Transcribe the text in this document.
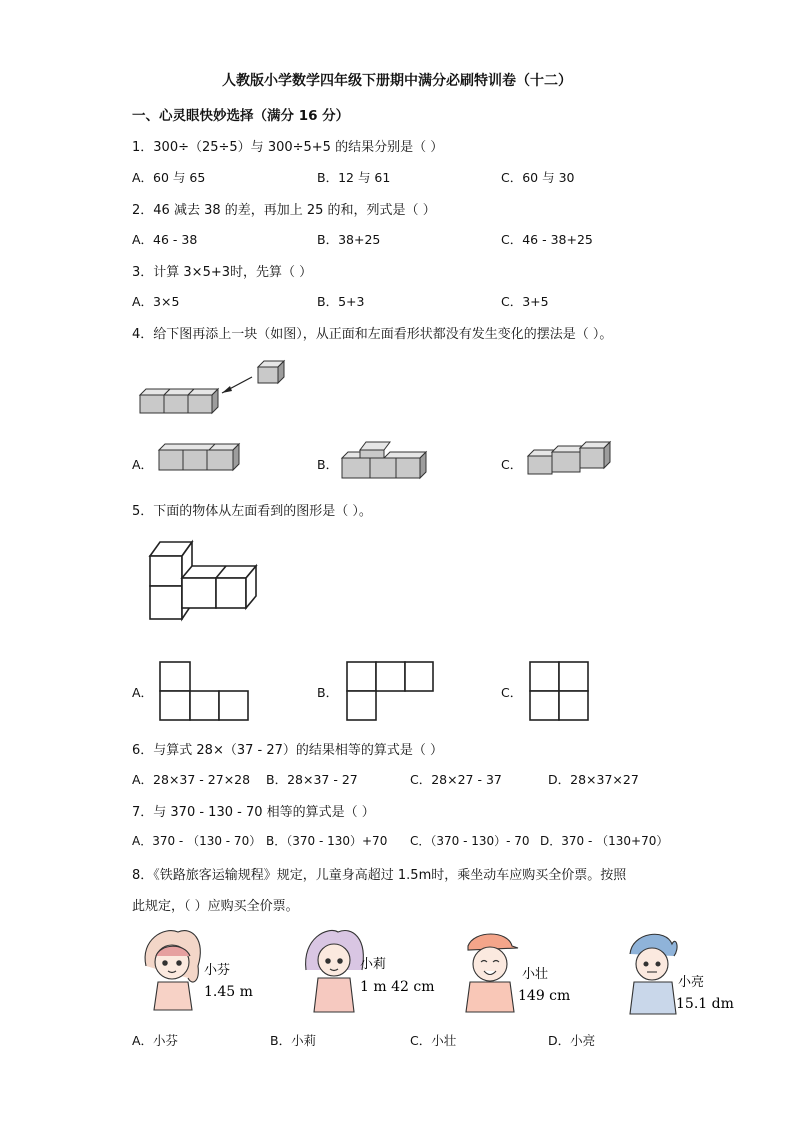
人教版小学数学四年级下册期中满分必刷特训卷（十二）
一、心灵眼快妙选择（满分 16 分）
1．300÷（25÷5）与 300÷5+5 的结果分别是（ ）
A．60 与 65	B．12 与 61	C．60 与 30
2．46 减去 38 的差，再加上 25 的和，列式是（ ）
A．46 - 38	B．38+25	C．46 - 38+25
3．计算 3×5+3时，先算（ ）
A．3×5	B．5+3	C．3+5
4．给下图再添上一块（如图），从正面和左面看形状都没有发生变化的摆法是（ ）。
A．	B．	C．
5．下面的物体从左面看到的图形是（ ）。
A．	B．	C．
6．与算式 28×（37 - 27）的结果相等的算式是（ ）
A．28×37 - 27×28 B．28×37 - 27	C．28×27 - 37	D．28×37×27
7．与 370 - 130 - 70 相等的算式是（ ）
A．370 - （130 - 70） B．（370 - 130）+70 C．（370 - 130）- 70 D．370 - （130+70）
8．《铁路旅客运输规程》规定，儿童身高超过 1.5m时，乘坐动车应购买全价票。按照
此规定，（ ）应购买全价票。
小芬
1.45 m
小莉
1 m 42 cm
小壮
149 cm
小亮
15.1 dm
A．小芬	B．小莉	C．小壮	D．小亮
